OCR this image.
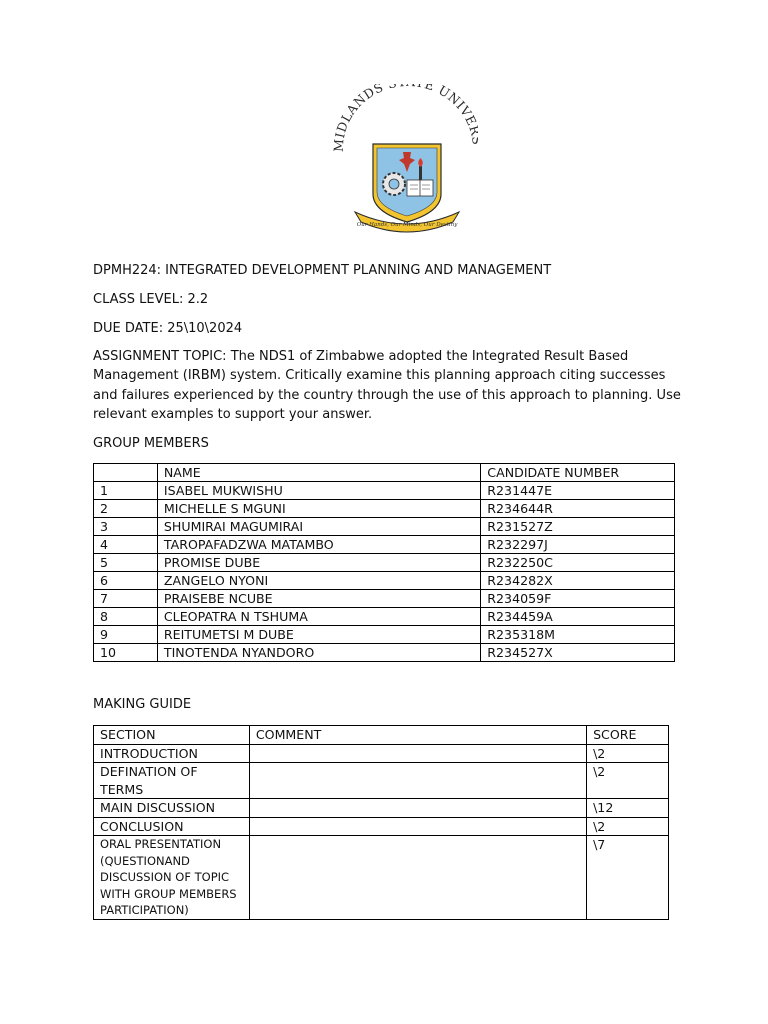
IDLANDS E UNIV
Our Hands, Our Minds, Our Destiny

DPMH224: INTEGRATED DEVELOPMENT PLANNING AND MANAGEMENT

CLASS LEVEL: 2.2

DUE DATE: 25\10\2024

ASSIGNMENT TOPIC: The NDS1 of Zimbabwe adopted the Integrated Result Based Management (IRBM) system. Critically examine this planning approach citing successes and failures experienced by the country through the use of this approach to planning. Use relevant examples to support your answer.

GROUP MEMBERS

	NAME	CANDIDATE NUMBER
1	ISABEL MUKWISHU	R231447E
2	MICHELLE S MGUNI	R234644R
3	SHUMIRAI MAGUMIRAI	R231527Z
4	TAROPAFADZWA MATAMBO	R232297J
5	PROMISE DUBE	R232250C
6	ZANGELO NYONI	R234282X
7	PRAISEBE NCUBE	R234059F
8	CLEOPATRA N TSHUMA	R234459A
9	REITUMETSI M DUBE	R235318M
10	TINOTENDA NYANDORO	R234527X

MAKING GUIDE

SECTION	COMMENT	SCORE
INTRODUCTION		\2
DEFINATION OF TERMS		\2
MAIN DISCUSSION		\12
CONCLUSION		\2
ORAL PRESENTATION (QUESTIONAND DISCUSSION OF TOPIC WITH GROUP MEMBERS PARTICIPATION)		\7
